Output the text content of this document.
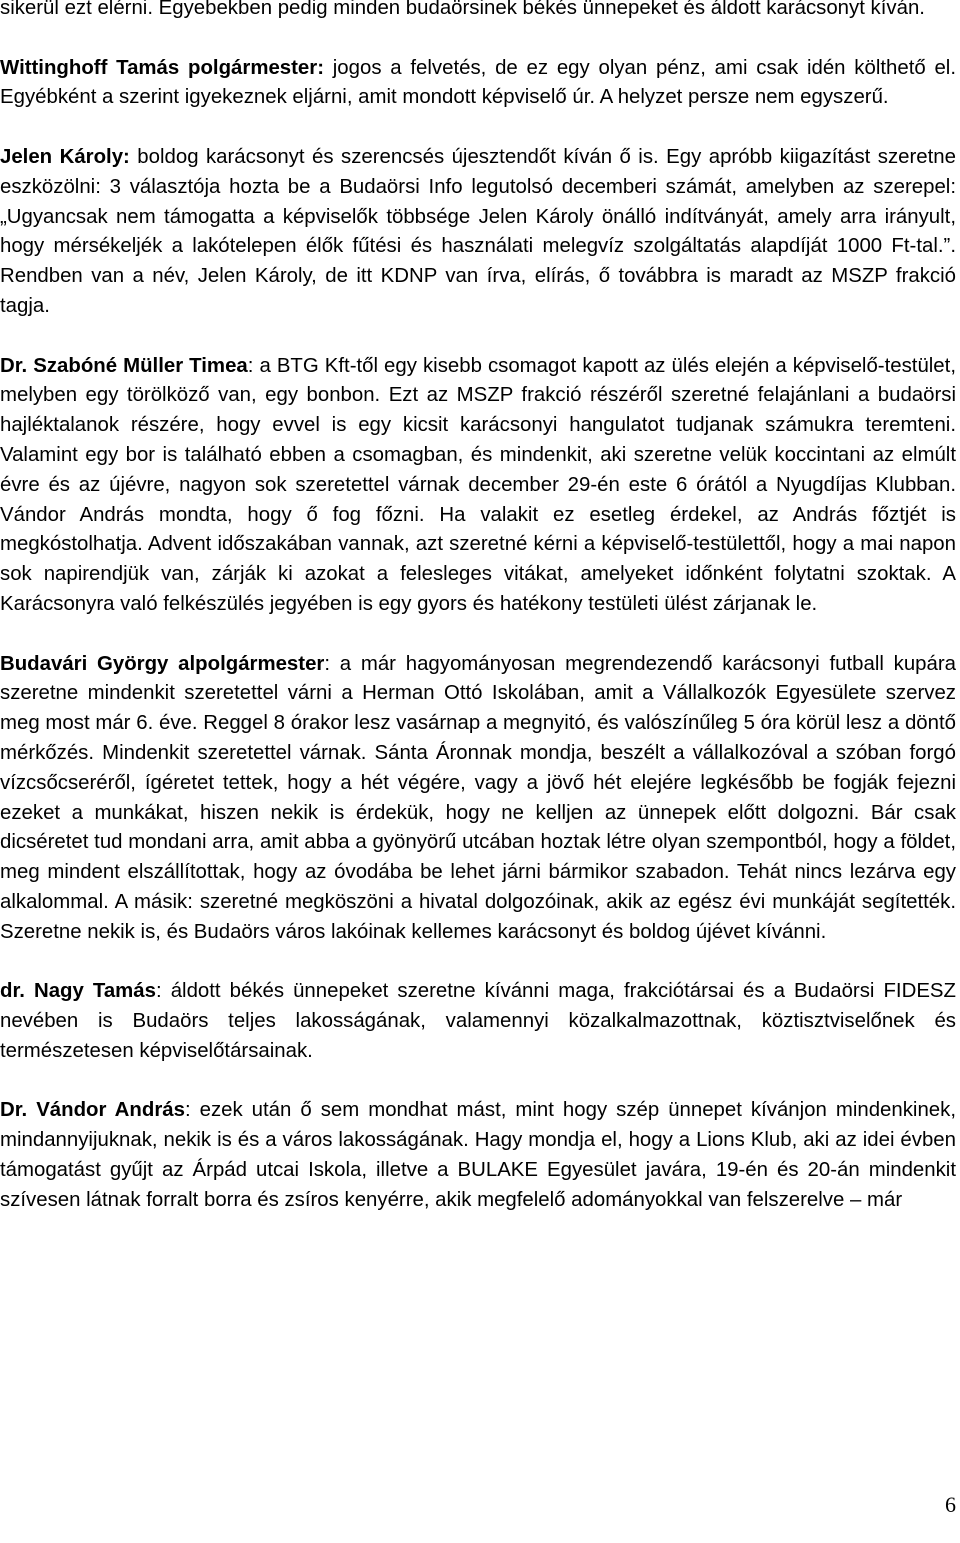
sikerül ezt elérni. Egyebekben pedig minden budaörsinek békés ünnepeket és áldott karácsonyt kíván.

Wittinghoff Tamás polgármester: jogos a felvetés, de ez egy olyan pénz, ami csak idén költhető el. Egyébként a szerint igyekeznek eljárni, amit mondott képviselő úr. A helyzet persze nem egyszerű.

Jelen Károly: boldog karácsonyt és szerencsés újesztendőt kíván ő is. Egy apróbb kiigazítást szeretne eszközölni: 3 választója hozta be a Budaörsi Info legutolsó decemberi számát, amelyben az szerepel: „Ugyancsak nem támogatta a képviselők többsége Jelen Károly önálló indítványát, amely arra irányult, hogy mérsékeljék a lakótelepen élők fűtési és használati melegvíz szolgáltatás alapdíját 1000 Ft-tal.”. Rendben van a név, Jelen Károly, de itt KDNP van írva, elírás, ő továbbra is maradt az MSZP frakció tagja.

Dr. Szabóné Müller Timea: a BTG Kft-től egy kisebb csomagot kapott az ülés elején a képviselő-testület, melyben egy törölköző van, egy bonbon. Ezt az MSZP frakció részéről szeretné felajánlani a budaörsi hajléktalanok részére, hogy evvel is egy kicsit karácsonyi hangulatot tudjanak számukra teremteni. Valamint egy bor is található ebben a csomagban, és mindenkit, aki szeretne velük koccintani az elmúlt évre és az újévre, nagyon sok szeretettel várnak december 29-én este 6 órától a Nyugdíjas Klubban. Vándor András mondta, hogy ő fog főzni. Ha valakit ez esetleg érdekel, az András főztjét is megkóstolhatja. Advent időszakában vannak, azt szeretné kérni a képviselő-testülettől, hogy a mai napon sok napirendjük van, zárják ki azokat a felesleges vitákat, amelyeket időnként folytatni szoktak. A Karácsonyra való felkészülés jegyében is egy gyors és hatékony testületi ülést zárjanak le.

Budavári György alpolgármester: a már hagyományosan megrendezendő karácsonyi futball kupára szeretne mindenkit szeretettel várni a Herman Ottó Iskolában, amit a Vállalkozók Egyesülete szervez meg most már 6. éve. Reggel 8 órakor lesz vasárnap a megnyitó, és valószínűleg 5 óra körül lesz a döntő mérkőzés. Mindenkit szeretettel várnak. Sánta Áronnak mondja, beszélt a vállalkozóval a szóban forgó vízcsőcseréről, ígéretet tettek, hogy a hét végére, vagy a jövő hét elejére legkésőbb be fogják fejezni ezeket a munkákat, hiszen nekik is érdekük, hogy ne kelljen az ünnepek előtt dolgozni. Bár csak dicséretet tud mondani arra, amit abba a gyönyörű utcában hoztak létre olyan szempontból, hogy a földet, meg mindent elszállítottak, hogy az óvodába be lehet járni bármikor szabadon. Tehát nincs lezárva egy alkalommal. A másik: szeretné megköszöni a hivatal dolgozóinak, akik az egész évi munkáját segítették. Szeretne nekik is, és Budaörs város lakóinak kellemes karácsonyt és boldog újévet kívánni.

dr. Nagy Tamás: áldott békés ünnepeket szeretne kívánni maga, frakciótársai és a Budaörsi FIDESZ nevében is Budaörs teljes lakosságának, valamennyi közalkalmazottnak, köztisztviselőnek és természetesen képviselőtársainak.

Dr. Vándor András: ezek után ő sem mondhat mást, mint hogy szép ünnepet kívánjon mindenkinek, mindannyijuknak, nekik is és a város lakosságának. Hagy mondja el, hogy a Lions Klub, aki az idei évben támogatást gyűjt az Árpád utcai Iskola, illetve a BULAKE Egyesület javára, 19-én és 20-án mindenkit szívesen látnak forralt borra és zsíros kenyérre, akik megfelelő adományokkal van felszerelve – már

6
